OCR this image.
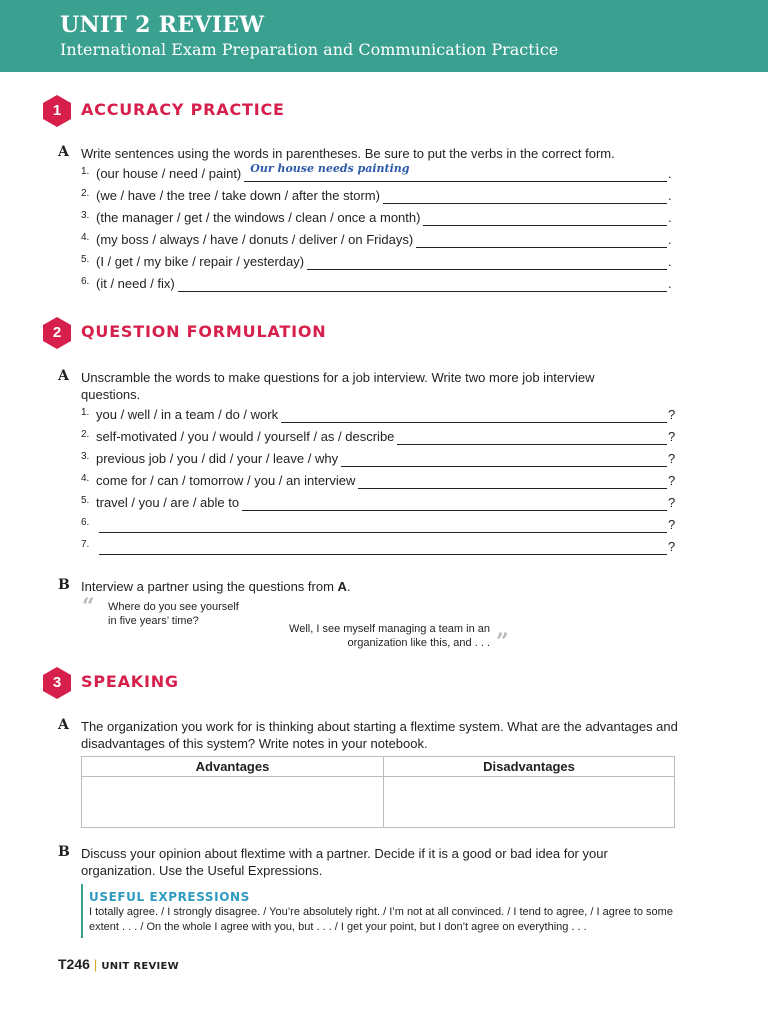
UNIT 2 REVIEW
International Exam Preparation and Communication Practice
1	ACCURACY PRACTICE
A Write sentences using the words in parentheses. Be sure to put the verbs in the correct form.
1. (our house / need / paint) Our house needs painting	.
2. (we / have / the tree / take down / after the storm)	.
3. (the manager / get / the windows / clean / once a month)	.
4. (my boss / always / have / donuts / deliver / on Fridays)	.
5. (I / get / my bike / repair / yesterday)	.
6. (it / need / fix)	.
2	QUESTION FORMULATION
A Unscramble the words to make questions for a job interview. Write two more job interview questions.
1. you / well / in a team / do / work	?
2. self-motivated / you / would / yourself / as / describe	?
3. previous job / you / did / your / leave / why	?
4. come for / can / tomorrow / you / an interview	?
5. travel / you / are / able to	?
6.	?
7.	?
B Interview a partner using the questions from A.
“ Where do you see yourself
in five years’ time?
Well, I see myself managing a team in an
organization like this, and . . . ”
3	SPEAKING
A The organization you work for is thinking about starting a flextime system. What are the advantages and disadvantages of this system? Write notes in your notebook.
Advantages	Disadvantages

B Discuss your opinion about flextime with a partner. Decide if it is a good or bad idea for your organization. Use the Useful Expressions.
USEFUL EXPRESSIONS
I totally agree. / I strongly disagree. / You’re absolutely right. / I’m not at all convinced. / I tend to agree, / I agree to some extent . . . / On the whole I agree with you, but . . . / I get your point, but I don’t agree on everything . . .
T246 | UNIT REVIEW
